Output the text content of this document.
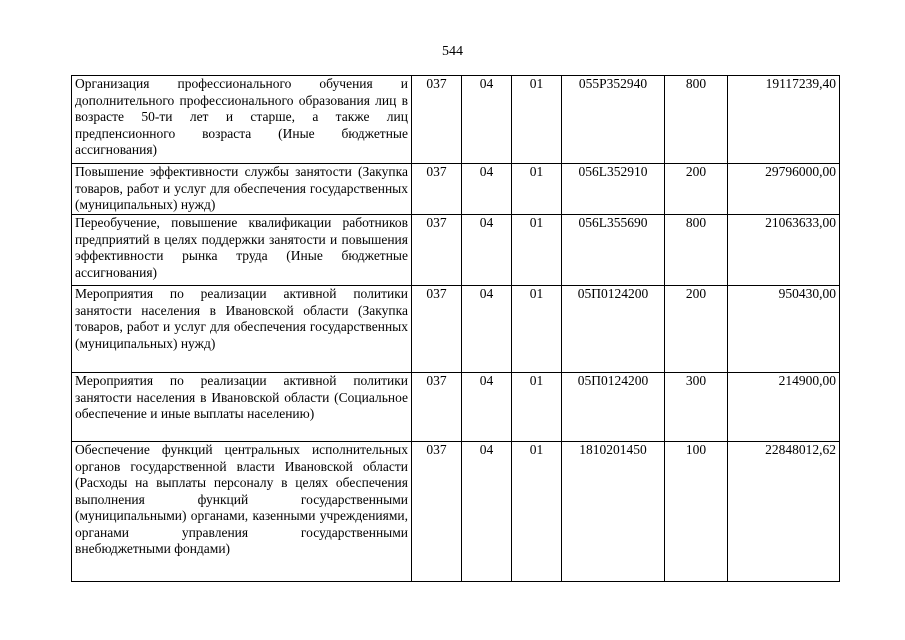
544
Организация профессионального обучения и дополнительного профессионального образования лиц в возрасте 50-ти лет и старше, а также лиц предпенсионного возраста (Иные бюджетные ассигнования)	037	04	01	055P352940	800	19117239,40
Повышение эффективности службы занятости (Закупка товаров, работ и услуг для обеспечения государственных (муниципальных) нужд)	037	04	01	056L352910	200	29796000,00
Переобучение, повышение квалификации работников предприятий в целях поддержки занятости и повышения эффективности рынка труда (Иные бюджетные ассигнования)	037	04	01	056L355690	800	21063633,00
Мероприятия по реализации активной политики занятости населения в Ивановской области (Закупка товаров, работ и услуг для обеспечения государственных (муниципальных) нужд)	037	04	01	05П0124200	200	950430,00
Мероприятия по реализации активной политики занятости населения в Ивановской области (Социальное обеспечение и иные выплаты населению)	037	04	01	05П0124200	300	214900,00
Обеспечение функций центральных исполнительных органов государственной власти Ивановской области (Расходы на выплаты персоналу в целях обеспечения выполнения функций государственными (муниципальными) органами, казенными учреждениями, органами управления государственными внебюджетными фондами)	037	04	01	1810201450	100	22848012,62
